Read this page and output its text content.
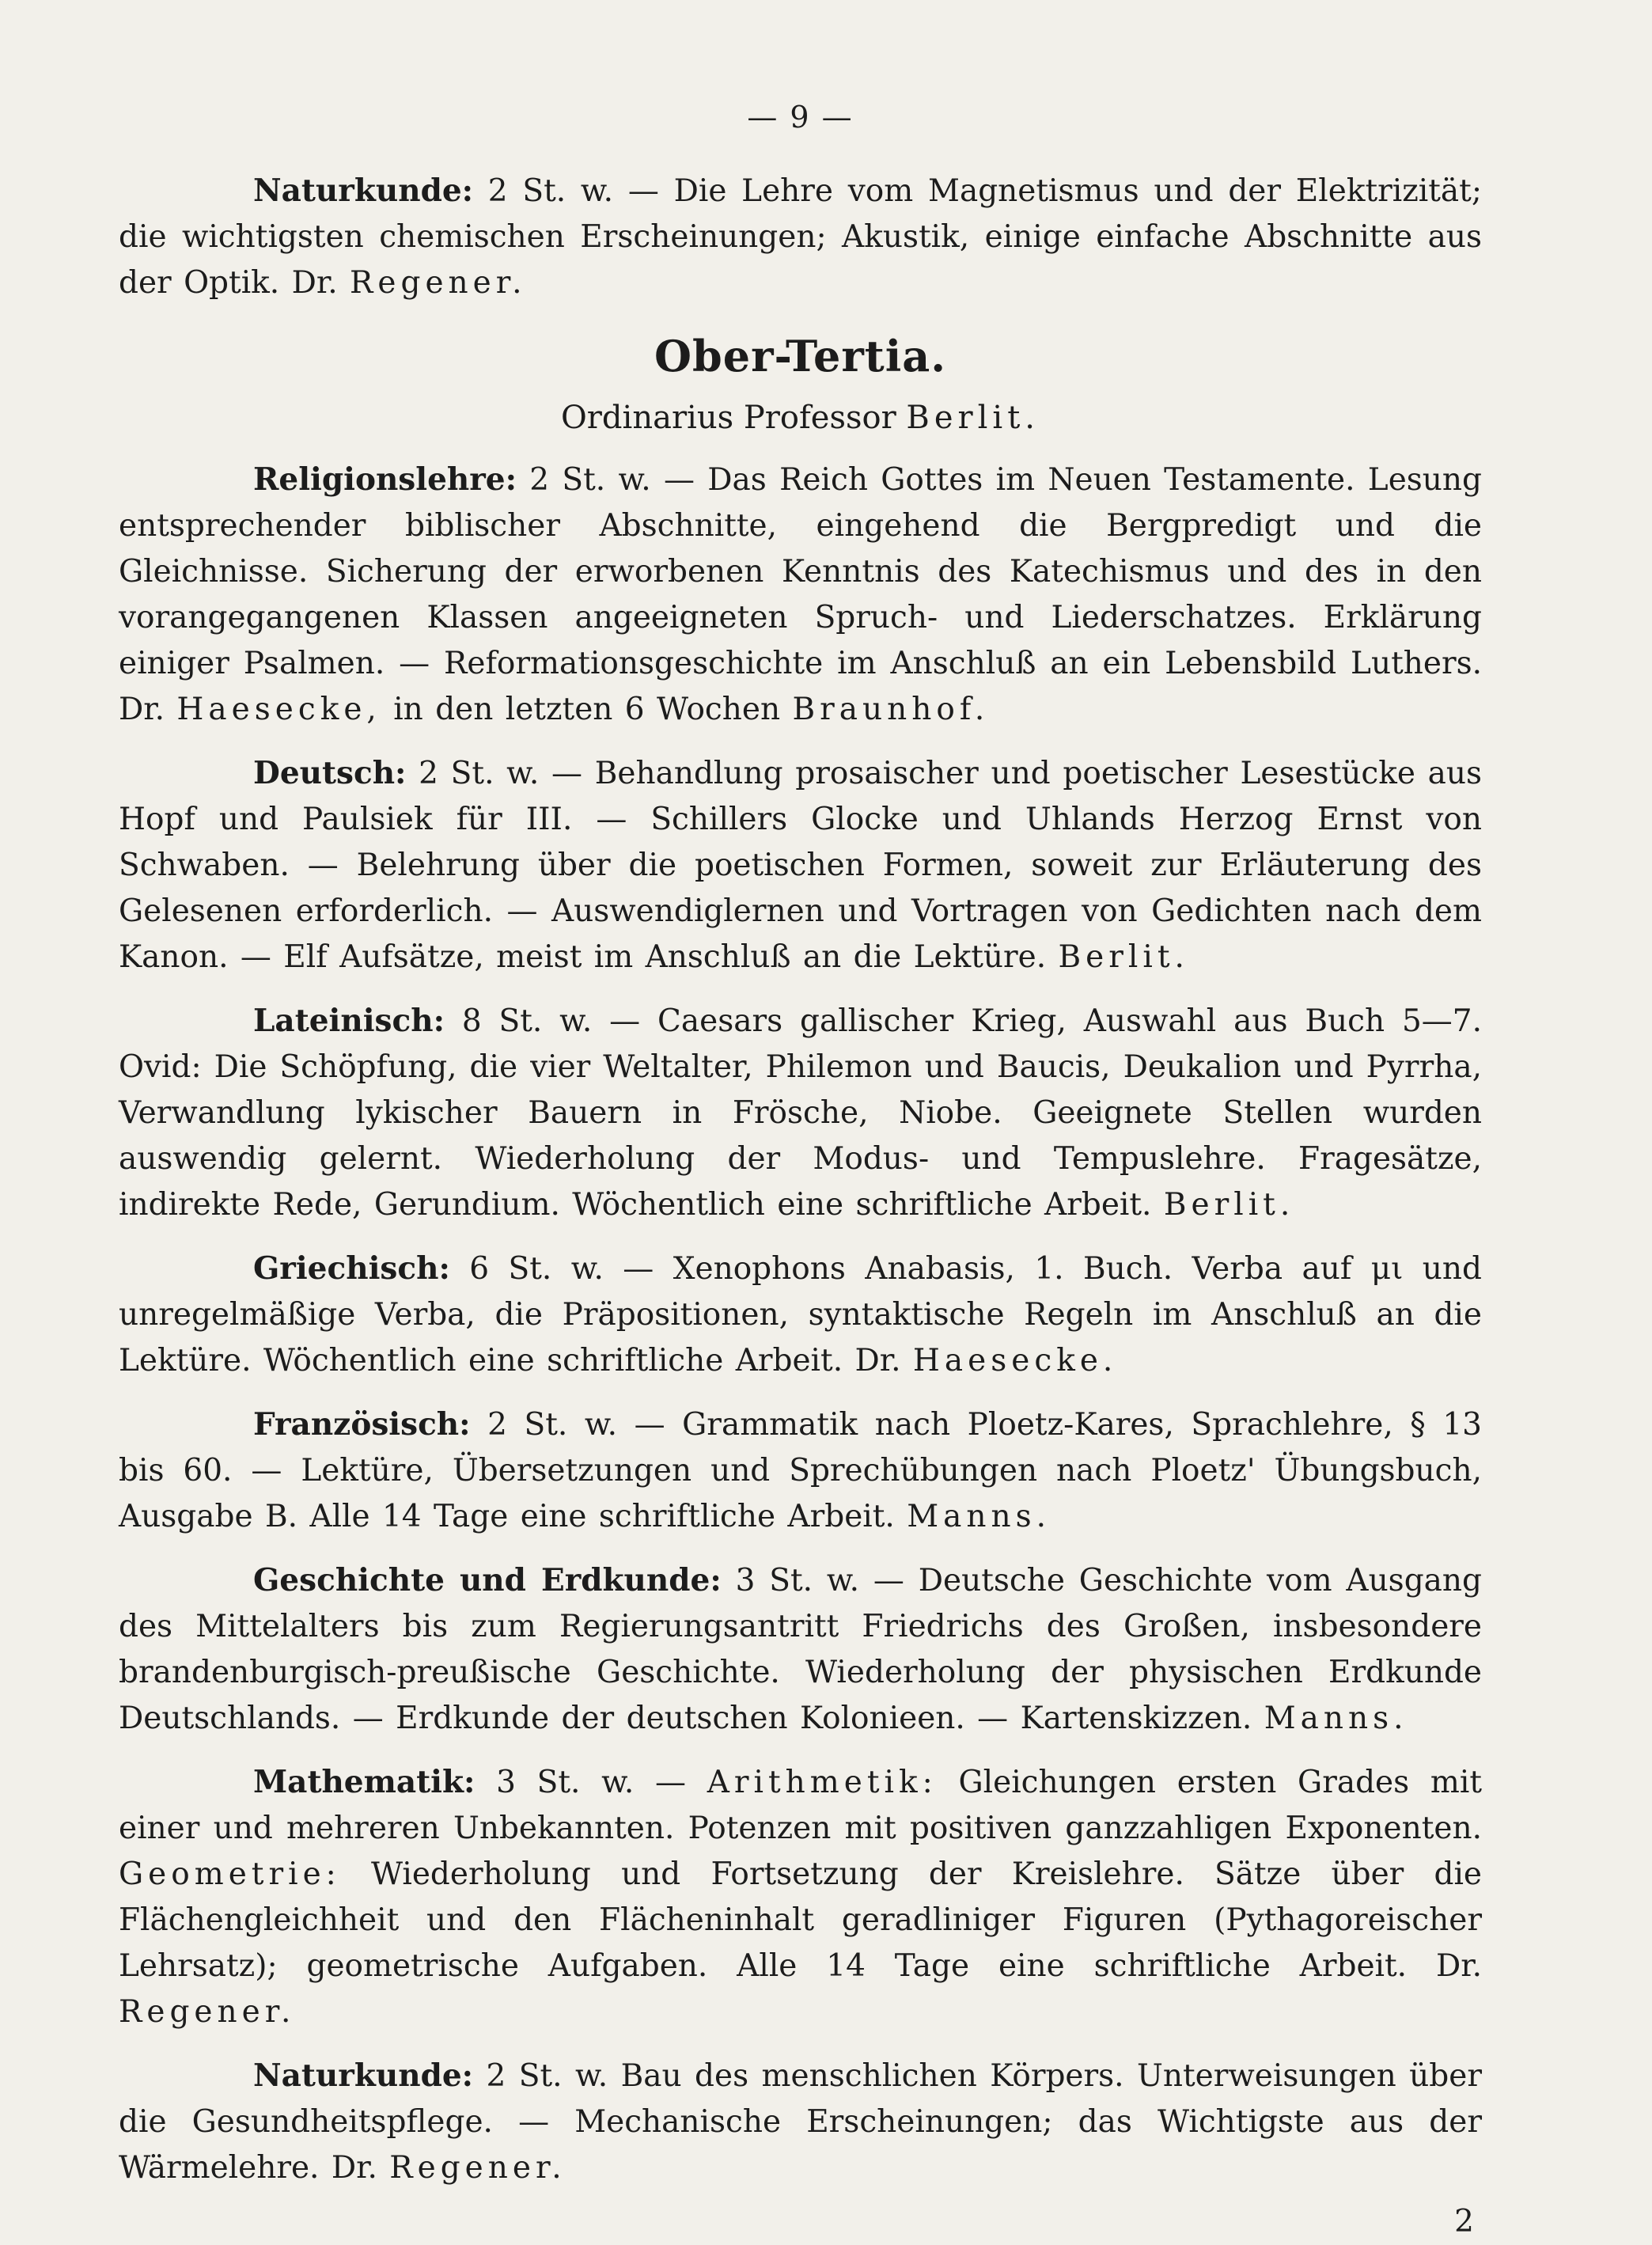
— 9 —

Naturkunde: 2 St. w. — Die Lehre vom Magnetismus und der Elektrizität; die wichtigsten chemischen Erscheinungen; Akustik, einige einfache Abschnitte aus der Optik. Dr. Regener.

Ober-Tertia.
Ordinarius Professor Berlit.

Religionslehre: 2 St. w. — Das Reich Gottes im Neuen Testamente. Lesung entsprechender biblischer Abschnitte, eingehend die Bergpredigt und die Gleichnisse. Sicherung der erworbenen Kenntnis des Katechismus und des in den vorangegangenen Klassen angeeigneten Spruch- und Liederschatzes. Erklärung einiger Psalmen. — Reformationsgeschichte im Anschluß an ein Lebensbild Luthers. Dr. Haesecke, in den letzten 6 Wochen Braunhof.

Deutsch: 2 St. w. — Behandlung prosaischer und poetischer Lesestücke aus Hopf und Paulsiek für III. — Schillers Glocke und Uhlands Herzog Ernst von Schwaben. — Belehrung über die poetischen Formen, soweit zur Erläuterung des Gelesenen erforderlich. — Auswendiglernen und Vortragen von Gedichten nach dem Kanon. — Elf Aufsätze, meist im Anschluß an die Lektüre. Berlit.

Lateinisch: 8 St. w. — Caesars gallischer Krieg, Auswahl aus Buch 5—7. Ovid: Die Schöpfung, die vier Weltalter, Philemon und Baucis, Deukalion und Pyrrha, Verwandlung lykischer Bauern in Frösche, Niobe. Geeignete Stellen wurden auswendig gelernt. Wiederholung der Modus- und Tempuslehre. Fragesätze, indirekte Rede, Gerundium. Wöchentlich eine schriftliche Arbeit. Berlit.

Griechisch: 6 St. w. — Xenophons Anabasis, 1. Buch. Verba auf μι und unregelmäßige Verba, die Präpositionen, syntaktische Regeln im Anschluß an die Lektüre. Wöchentlich eine schriftliche Arbeit. Dr. Haesecke.

Französisch: 2 St. w. — Grammatik nach Ploetz-Kares, Sprachlehre, § 13 bis 60. — Lektüre, Übersetzungen und Sprechübungen nach Ploetz' Übungsbuch, Ausgabe B. Alle 14 Tage eine schriftliche Arbeit. Manns.

Geschichte und Erdkunde: 3 St. w. — Deutsche Geschichte vom Ausgang des Mittelalters bis zum Regierungsantritt Friedrichs des Großen, insbesondere brandenburgisch-preußische Geschichte. Wiederholung der physischen Erdkunde Deutschlands. — Erdkunde der deutschen Kolonieen. — Kartenskizzen. Manns.

Mathematik: 3 St. w. — Arithmetik: Gleichungen ersten Grades mit einer und mehreren Unbekannten. Potenzen mit positiven ganzzahligen Exponenten. Geometrie: Wiederholung und Fortsetzung der Kreislehre. Sätze über die Flächengleichheit und den Flächeninhalt geradliniger Figuren (Pythagoreischer Lehrsatz); geometrische Aufgaben. Alle 14 Tage eine schriftliche Arbeit. Dr. Regener.

Naturkunde: 2 St. w. Bau des menschlichen Körpers. Unterweisungen über die Gesundheitspflege. — Mechanische Erscheinungen; das Wichtigste aus der Wärmelehre. Dr. Regener.

2
